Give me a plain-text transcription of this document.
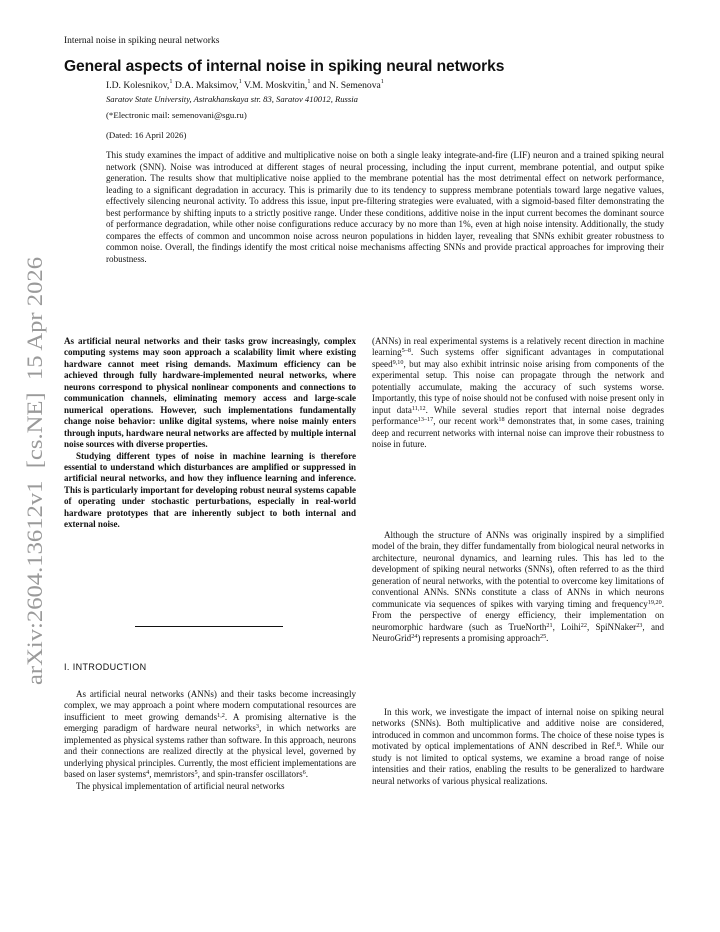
Internal noise in spiking neural networks
General aspects of internal noise in spiking neural networks
I.D. Kolesnikov,$^1$ D.A. Maksimov,$^1$ V.M. Moskvitin,$^1$ and N. Semenova$^1$
Saratov State University, Astrakhanskaya str. 83, Saratov 410012, Russia
(*Electronic mail: semenovani@sgu.ru)
(Dated: 16 April 2026)
This study examines the impact of additive and multiplicative noise on both a single leaky integrate-and-fire (LIF) neuron and a trained spiking neural network (SNN). Noise was introduced at different stages of neural processing, including the input current, membrane potential, and output spike generation. The results show that multiplicative noise applied to the membrane potential has the most detrimental effect on network performance, leading to a significant degradation in accuracy. This is primarily due to its tendency to suppress membrane potentials toward large negative values, effectively silencing neuronal activity. To address this issue, input pre-filtering strategies were evaluated, with a sigmoid-based filter demonstrating the best performance by shifting inputs to a strictly positive range. Under these conditions, additive noise in the input current becomes the dominant source of performance degradation, while other noise configurations reduce accuracy by no more than 1%, even at high noise intensity. Additionally, the study compares the effects of common and uncommon noise across neuron populations in hidden layer, revealing that SNNs exhibit greater robustness to common noise. Overall, the findings identify the most critical noise mechanisms affecting SNNs and provide practical approaches for improving their robustness.
arXiv:2604.13612v1  [cs.NE]  15 Apr 2026 As artificial neural networks and their tasks grow increasingly, complex computing systems may soon approach a scalability limit where existing hardware cannot meet rising demands. Maximum efficiency can be achieved through fully hardware-implemented neural networks, where neurons correspond to physical nonlinear components and connections to communication channels, eliminating memory access and large-scale numerical operations. However, such implementations fundamentally change noise behavior: unlike digital systems, where noise mainly enters through inputs, hardware neural networks are affected by multiple internal noise sources with diverse properties.

Studying different types of noise in machine learning is therefore essential to understand which disturbances are amplified or suppressed in artificial neural networks, and how they influence learning and inference. This is particularly important for developing robust neural systems capable of operating under stochastic perturbations, especially in real-world hardware prototypes that are inherently subject to both internal and external noise.

I. INTRODUCTION

As artificial neural networks (ANNs) and their tasks become increasingly complex, we may approach a point where modern computational resources are insufficient to meet growing demands$^{1,2}$. A promising alternative is the emerging paradigm of hardware neural networks$^3$, in which networks are implemented as physical systems rather than software. In this approach, neurons and their connections are realized directly at the physical level, governed by underlying physical principles. Currently, the most efficient implementations are based on laser systems$^4$, memristors$^5$, and spin-transfer oscillators$^6$.

The physical implementation of artificial neural networks

(ANNs) in real experimental systems is a relatively recent direction in machine learning$^{5-8}$. Such systems offer significant advantages in computational speed$^{9,10}$, but may also exhibit intrinsic noise arising from components of the experimental setup. This noise can propagate through the network and potentially accumulate, making the accuracy of such systems worse. Importantly, this type of noise should not be confused with noise present only in input data$^{11,12}$. While several studies report that internal noise degrades performance$^{13-17}$, our recent work$^{18}$ demonstrates that, in some cases, training deep and recurrent networks with internal noise can improve their robustness to noise in future.

Although the structure of ANNs was originally inspired by a simplified model of the brain, they differ fundamentally from biological neural networks in architecture, neuronal dynamics, and learning rules. This has led to the development of spiking neural networks (SNNs), often referred to as the third generation of neural networks, with the potential to overcome key limitations of conventional ANNs. SNNs constitute a class of ANNs in which neurons communicate via sequences of spikes with varying timing and frequency$^{19,20}$. From the perspective of energy efficiency, their implementation on neuromorphic hardware (such as TrueNorth$^{21}$, Loihi$^{22}$, SpiNNaker$^{23}$, and NeuroGrid$^{24}$) represents a promising approach$^{25}$.

In this work, we investigate the impact of internal noise on spiking neural networks (SNNs). Both multiplicative and additive noise are considered, introduced in common and uncommon forms. The choice of these noise types is motivated by optical implementations of ANN described in Ref.$^8$. While our study is not limited to optical systems, we examine a broad range of noise intensities and their ratios, enabling the results to be generalized to hardware neural networks of various physical realizations.
